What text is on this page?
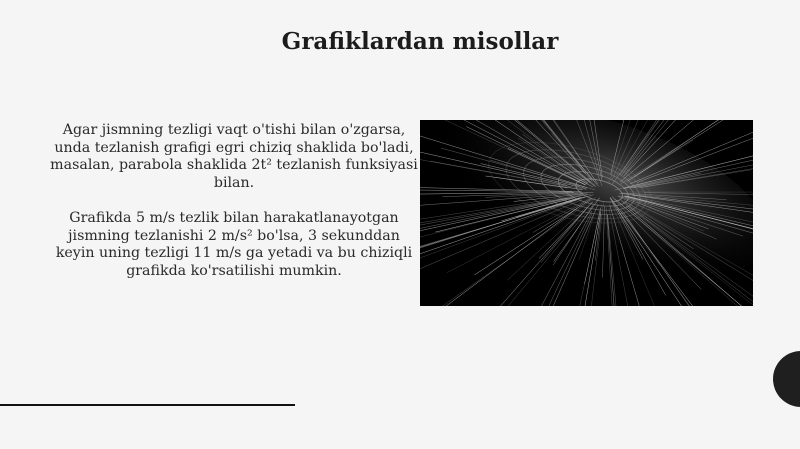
Grafiklardan misollar

Agar jismning tezligi vaqt o'tishi bilan o'zgarsa, unda tezlanish grafigi egri chiziq shaklida bo'ladi, masalan, parabola shaklida 2t² tezlanish funksiyasi bilan.

Grafikda 5 m/s tezlik bilan harakatlanayotgan jismning tezlanishi 2 m/s² bo'lsa, 3 sekunddan keyin uning tezligi 11 m/s ga yetadi va bu chiziqli grafikda ko'rsatilishi mumkin.
